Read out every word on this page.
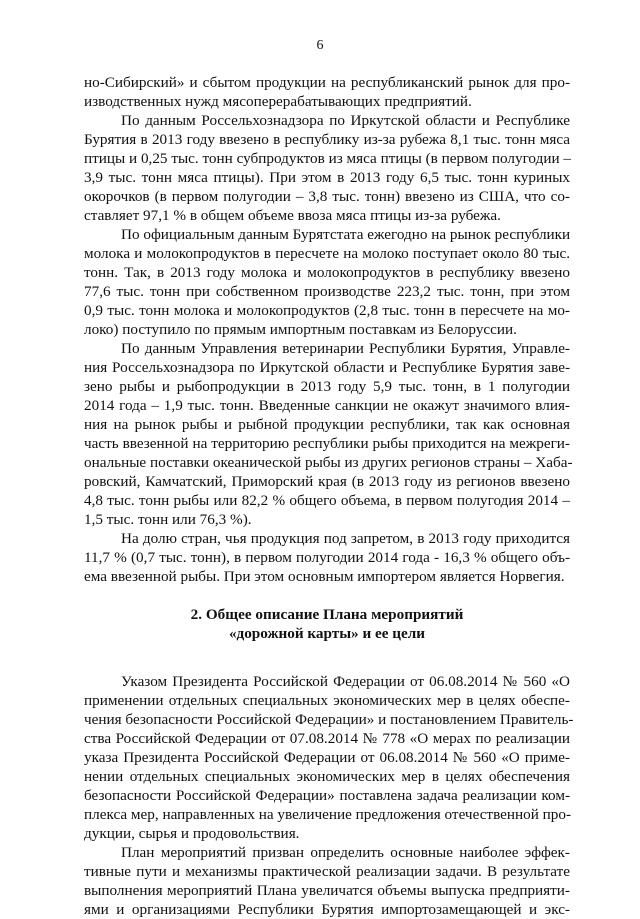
6
но-Сибирский» и сбытом продукции на республиканский рынок для про-
изводственных нужд мясоперерабатывающих предприятий.
По данным Россельхознадзора по Иркутской области и Республике
Бурятия в 2013 году ввезено в республику из-за рубежа 8,1 тыс. тонн мяса
птицы и 0,25 тыс. тонн субпродуктов из мяса птицы (в первом полугодии –
3,9 тыс. тонн мяса птицы). При этом в 2013 году 6,5 тыс. тонн куриных
окорочков (в первом полугодии – 3,8 тыс. тонн) ввезено из США, что со-
ставляет 97,1 % в общем объеме ввоза мяса птицы из-за рубежа.
По официальным данным Бурятстата ежегодно на рынок республики
молока и молокопродуктов в пересчете на молоко поступает около 80 тыс.
тонн. Так, в 2013 году молока и молокопродуктов в республику ввезено
77,6 тыс. тонн при собственном производстве 223,2 тыс. тонн, при этом
0,9 тыс. тонн молока и молокопродуктов (2,8 тыс. тонн в пересчете на мо-
локо) поступило по прямым импортным поставкам из Белоруссии.
По данным Управления ветеринарии Республики Бурятия, Управле-
ния Россельхознадзора по Иркутской области и Республике Бурятия заве-
зено рыбы и рыбопродукции в 2013 году 5,9 тыс. тонн, в 1 полугодии
2014 года – 1,9 тыс. тонн. Введенные санкции не окажут значимого влия-
ния на рынок рыбы и рыбной продукции республики, так как основная
часть ввезенной на территорию республики рыбы приходится на межреги-
ональные поставки океанической рыбы из других регионов страны – Хаба-
ровский, Камчатский, Приморский края (в 2013 году из регионов ввезено
4,8 тыс. тонн рыбы или 82,2 % общего объема, в первом полугодия 2014 –
1,5 тыс. тонн или 76,3 %).
На долю стран, чья продукция под запретом, в 2013 году приходится
11,7 % (0,7 тыс. тонн), в первом полугодии 2014 года - 16,3 % общего объ-
ема ввезенной рыбы. При этом основным импортером является Норвегия.
2. Общее описание Плана мероприятий
«дорожной карты» и ее цели
Указом Президента Российской Федерации от 06.08.2014 № 560 «О
применении отдельных специальных экономических мер в целях обеспе-
чения безопасности Российской Федерации» и постановлением Правитель-
ства Российской Федерации от 07.08.2014 № 778 «О мерах по реализации
указа Президента Российской Федерации от 06.08.2014 № 560 «О приме-
нении отдельных специальных экономических мер в целях обеспечения
безопасности Российской Федерации» поставлена задача реализации ком-
плекса мер, направленных на увеличение предложения отечественной про-
дукции, сырья и продовольствия.
План мероприятий призван определить основные наиболее эффек-
тивные пути и механизмы практической реализации задачи. В результате
выполнения мероприятий Плана увеличатся объемы выпуска предприяти-
ями и организациями Республики Бурятия импортозамещающей и экс-
